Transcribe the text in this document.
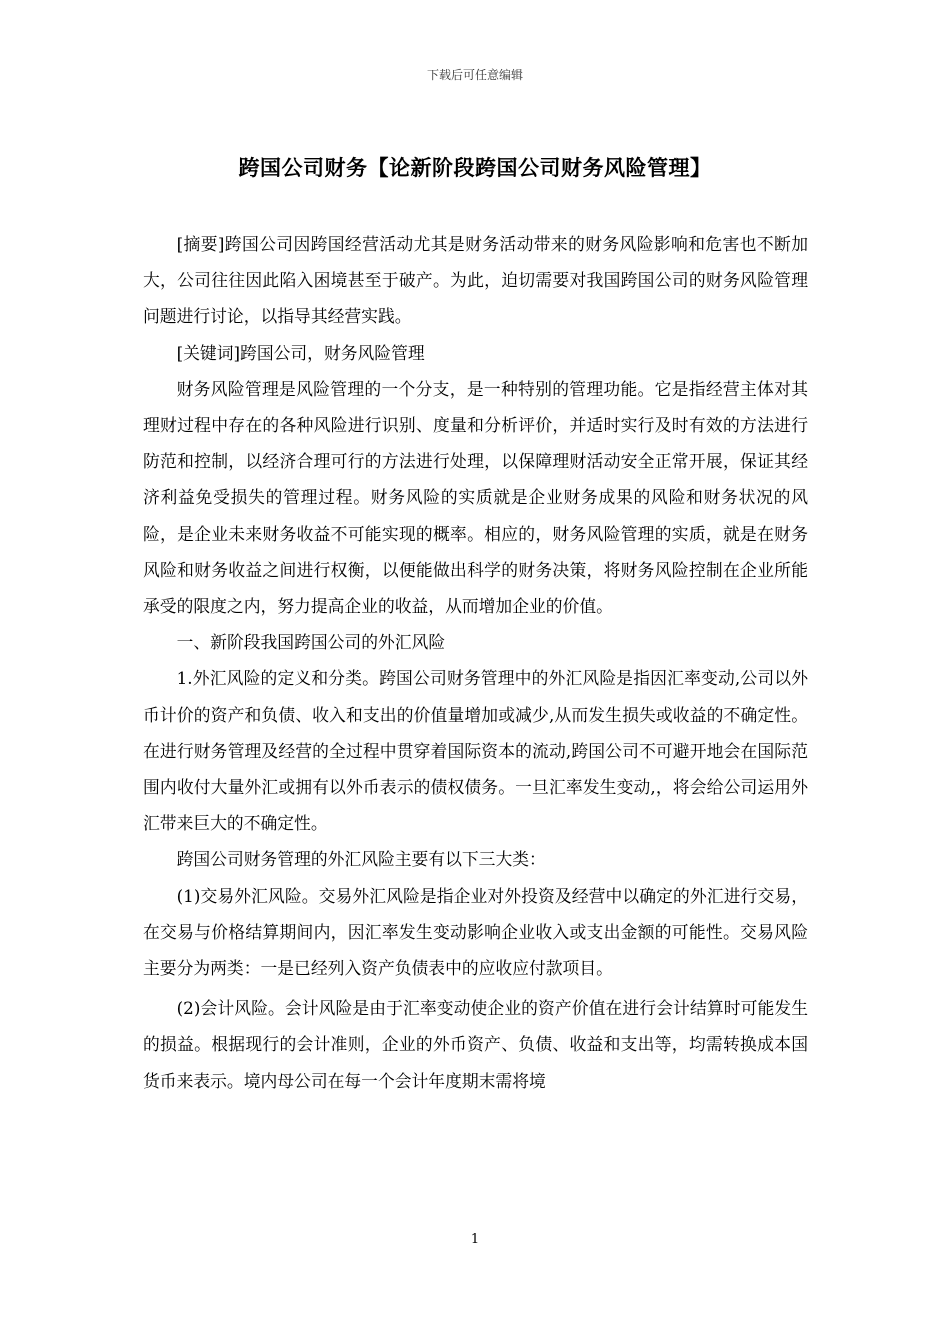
下载后可任意编辑
跨国公司财务【论新阶段跨国公司财务风险管理】

[摘要]跨国公司因跨国经营活动尤其是财务活动带来的财务风险影响和危害也不断加大，公司往往因此陷入困境甚至于破产。为此，迫切需要对我国跨国公司的财务风险管理问题进行讨论，以指导其经营实践。

[关键词]跨国公司，财务风险管理

财务风险管理是风险管理的一个分支，是一种特别的管理功能。它是指经营主体对其理财过程中存在的各种风险进行识别、度量和分析评价，并适时实行及时有效的方法进行防范和控制，以经济合理可行的方法进行处理，以保障理财活动安全正常开展，保证其经济利益免受损失的管理过程。财务风险的实质就是企业财务成果的风险和财务状况的风险，是企业未来财务收益不可能实现的概率。相应的，财务风险管理的实质，就是在财务风险和财务收益之间进行权衡，以便能做出科学的财务决策，将财务风险控制在企业所能承受的限度之内，努力提高企业的收益，从而增加企业的价值。

一、新阶段我国跨国公司的外汇风险

1.外汇风险的定义和分类。跨国公司财务管理中的外汇风险是指因汇率变动,公司以外币计价的资产和负债、收入和支出的价值量增加或减少,从而发生损失或收益的不确定性。在进行财务管理及经营的全过程中贯穿着国际资本的流动,跨国公司不可避开地会在国际范围内收付大量外汇或拥有以外币表示的债权债务。一旦汇率发生变动,，将会给公司运用外汇带来巨大的不确定性。

跨国公司财务管理的外汇风险主要有以下三大类：

(1)交易外汇风险。交易外汇风险是指企业对外投资及经营中以确定的外汇进行交易，在交易与价格结算期间内，因汇率发生变动影响企业收入或支出金额的可能性。交易风险主要分为两类：一是已经列入资产负债表中的应收应付款项目。

(2)会计风险。会计风险是由于汇率变动使企业的资产价值在进行会计结算时可能发生的损益。根据现行的会计准则，企业的外币资产、负债、收益和支出等，均需转换成本国货币来表示。境内母公司在每一个会计年度期末需将境

1
